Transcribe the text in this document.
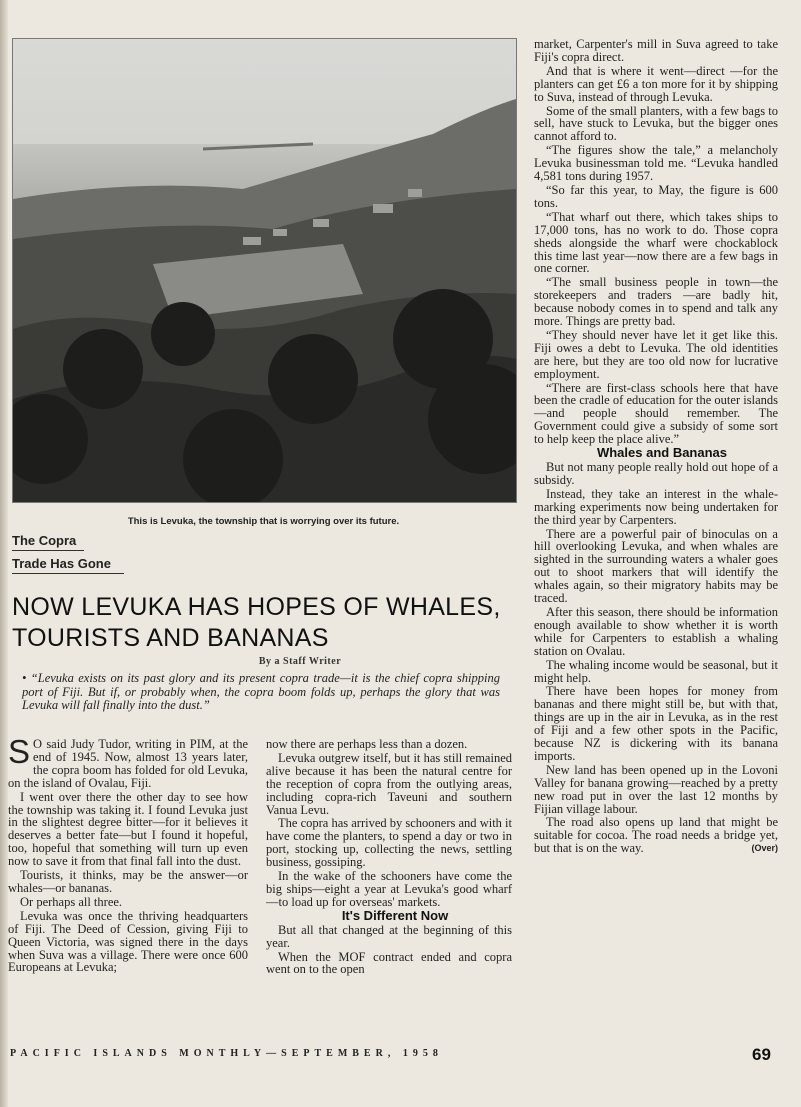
This is Levuka, the township that is worrying over its future.
The Copra
Trade Has Gone
NOW LEVUKA HAS HOPES OF WHALES, TOURISTS AND BANANAS
By a Staff Writer
• “Levuka exists on its past glory and its present copra trade—it is the chief copra shipping port of Fiji. But if, or probably when, the copra boom folds up, perhaps the glory that was Levuka will fall finally into the dust.”

S O said Judy Tudor, writing in PIM, at the end of 1945. Now, almost 13 years later, the copra boom has folded for old Levuka, on the island of Ovalau, Fiji.

I went over there the other day to see how the township was taking it. I found Levuka just in the slightest degree bitter—for it believes it deserves a better fate—but I found it hopeful, too, hopeful that something will turn up even now to save it from that final fall into the dust.

Tourists, it thinks, may be the answer—or whales—or bananas.

Or perhaps all three.

Levuka was once the thriving headquarters of Fiji. The Deed of Cession, giving Fiji to Queen Victoria, was signed there in the days when Suva was a village. There were once 600 Europeans at Levuka;

now there are perhaps less than a dozen.

Levuka outgrew itself, but it has still remained alive because it has been the natural centre for the reception of copra from the outlying areas, including copra-rich Taveuni and southern Vanua Levu.

The copra has arrived by schooners and with it have come the planters, to spend a day or two in port, stocking up, collecting the news, settling business, gossiping.

In the wake of the schooners have come the big ships—eight a year at Levuka's good wharf—to load up for overseas' markets.

It's Different Now

But all that changed at the beginning of this year.

When the MOF contract ended and copra went on to the open

market, Carpenter's mill in Suva agreed to take Fiji's copra direct.

And that is where it went—direct —for the planters can get £6 a ton more for it by shipping to Suva, instead of through Levuka.

Some of the small planters, with a few bags to sell, have stuck to Levuka, but the bigger ones cannot afford to.

“The figures show the tale,” a melancholy Levuka businessman told me. “Levuka handled 4,581 tons during 1957.

“So far this year, to May, the figure is 600 tons.

“That wharf out there, which takes ships to 17,000 tons, has no work to do. Those copra sheds alongside the wharf were chockablock this time last year—now there are a few bags in one corner.

“The small business people in town—the storekeepers and traders —are badly hit, because nobody comes in to spend and talk any more. Things are pretty bad.

“They should never have let it get like this. Fiji owes a debt to Levuka. The old identities are here, but they are too old now for lucrative employment.

“There are first-class schools here that have been the cradle of education for the outer islands—and people should remember. The Government could give a subsidy of some sort to help keep the place alive.”

Whales and Bananas

But not many people really hold out hope of a subsidy.

Instead, they take an interest in the whale-marking experiments now being undertaken for the third year by Carpenters.

There are a powerful pair of binoculas on a hill overlooking Levuka, and when whales are sighted in the surrounding waters a whaler goes out to shoot markers that will identify the whales again, so their migratory habits may be traced.

After this season, there should be information enough available to show whether it is worth while for Carpenters to establish a whaling station on Ovalau.

The whaling income would be seasonal, but it might help.

There have been hopes for money from bananas and there might still be, but with that, things are up in the air in Levuka, as in the rest of Fiji and a few other spots in the Pacific, because NZ is dickering with its banana imports.

New land has been opened up in the Lovoni Valley for banana growing—reached by a pretty new road put in over the last 12 months by Fijian village labour.

The road also opens up land that might be suitable for cocoa. The road needs a bridge yet, but that is on the way.	(Over)

PACIFIC ISLANDS MONTHLY—SEPTEMBER, 1958	69
